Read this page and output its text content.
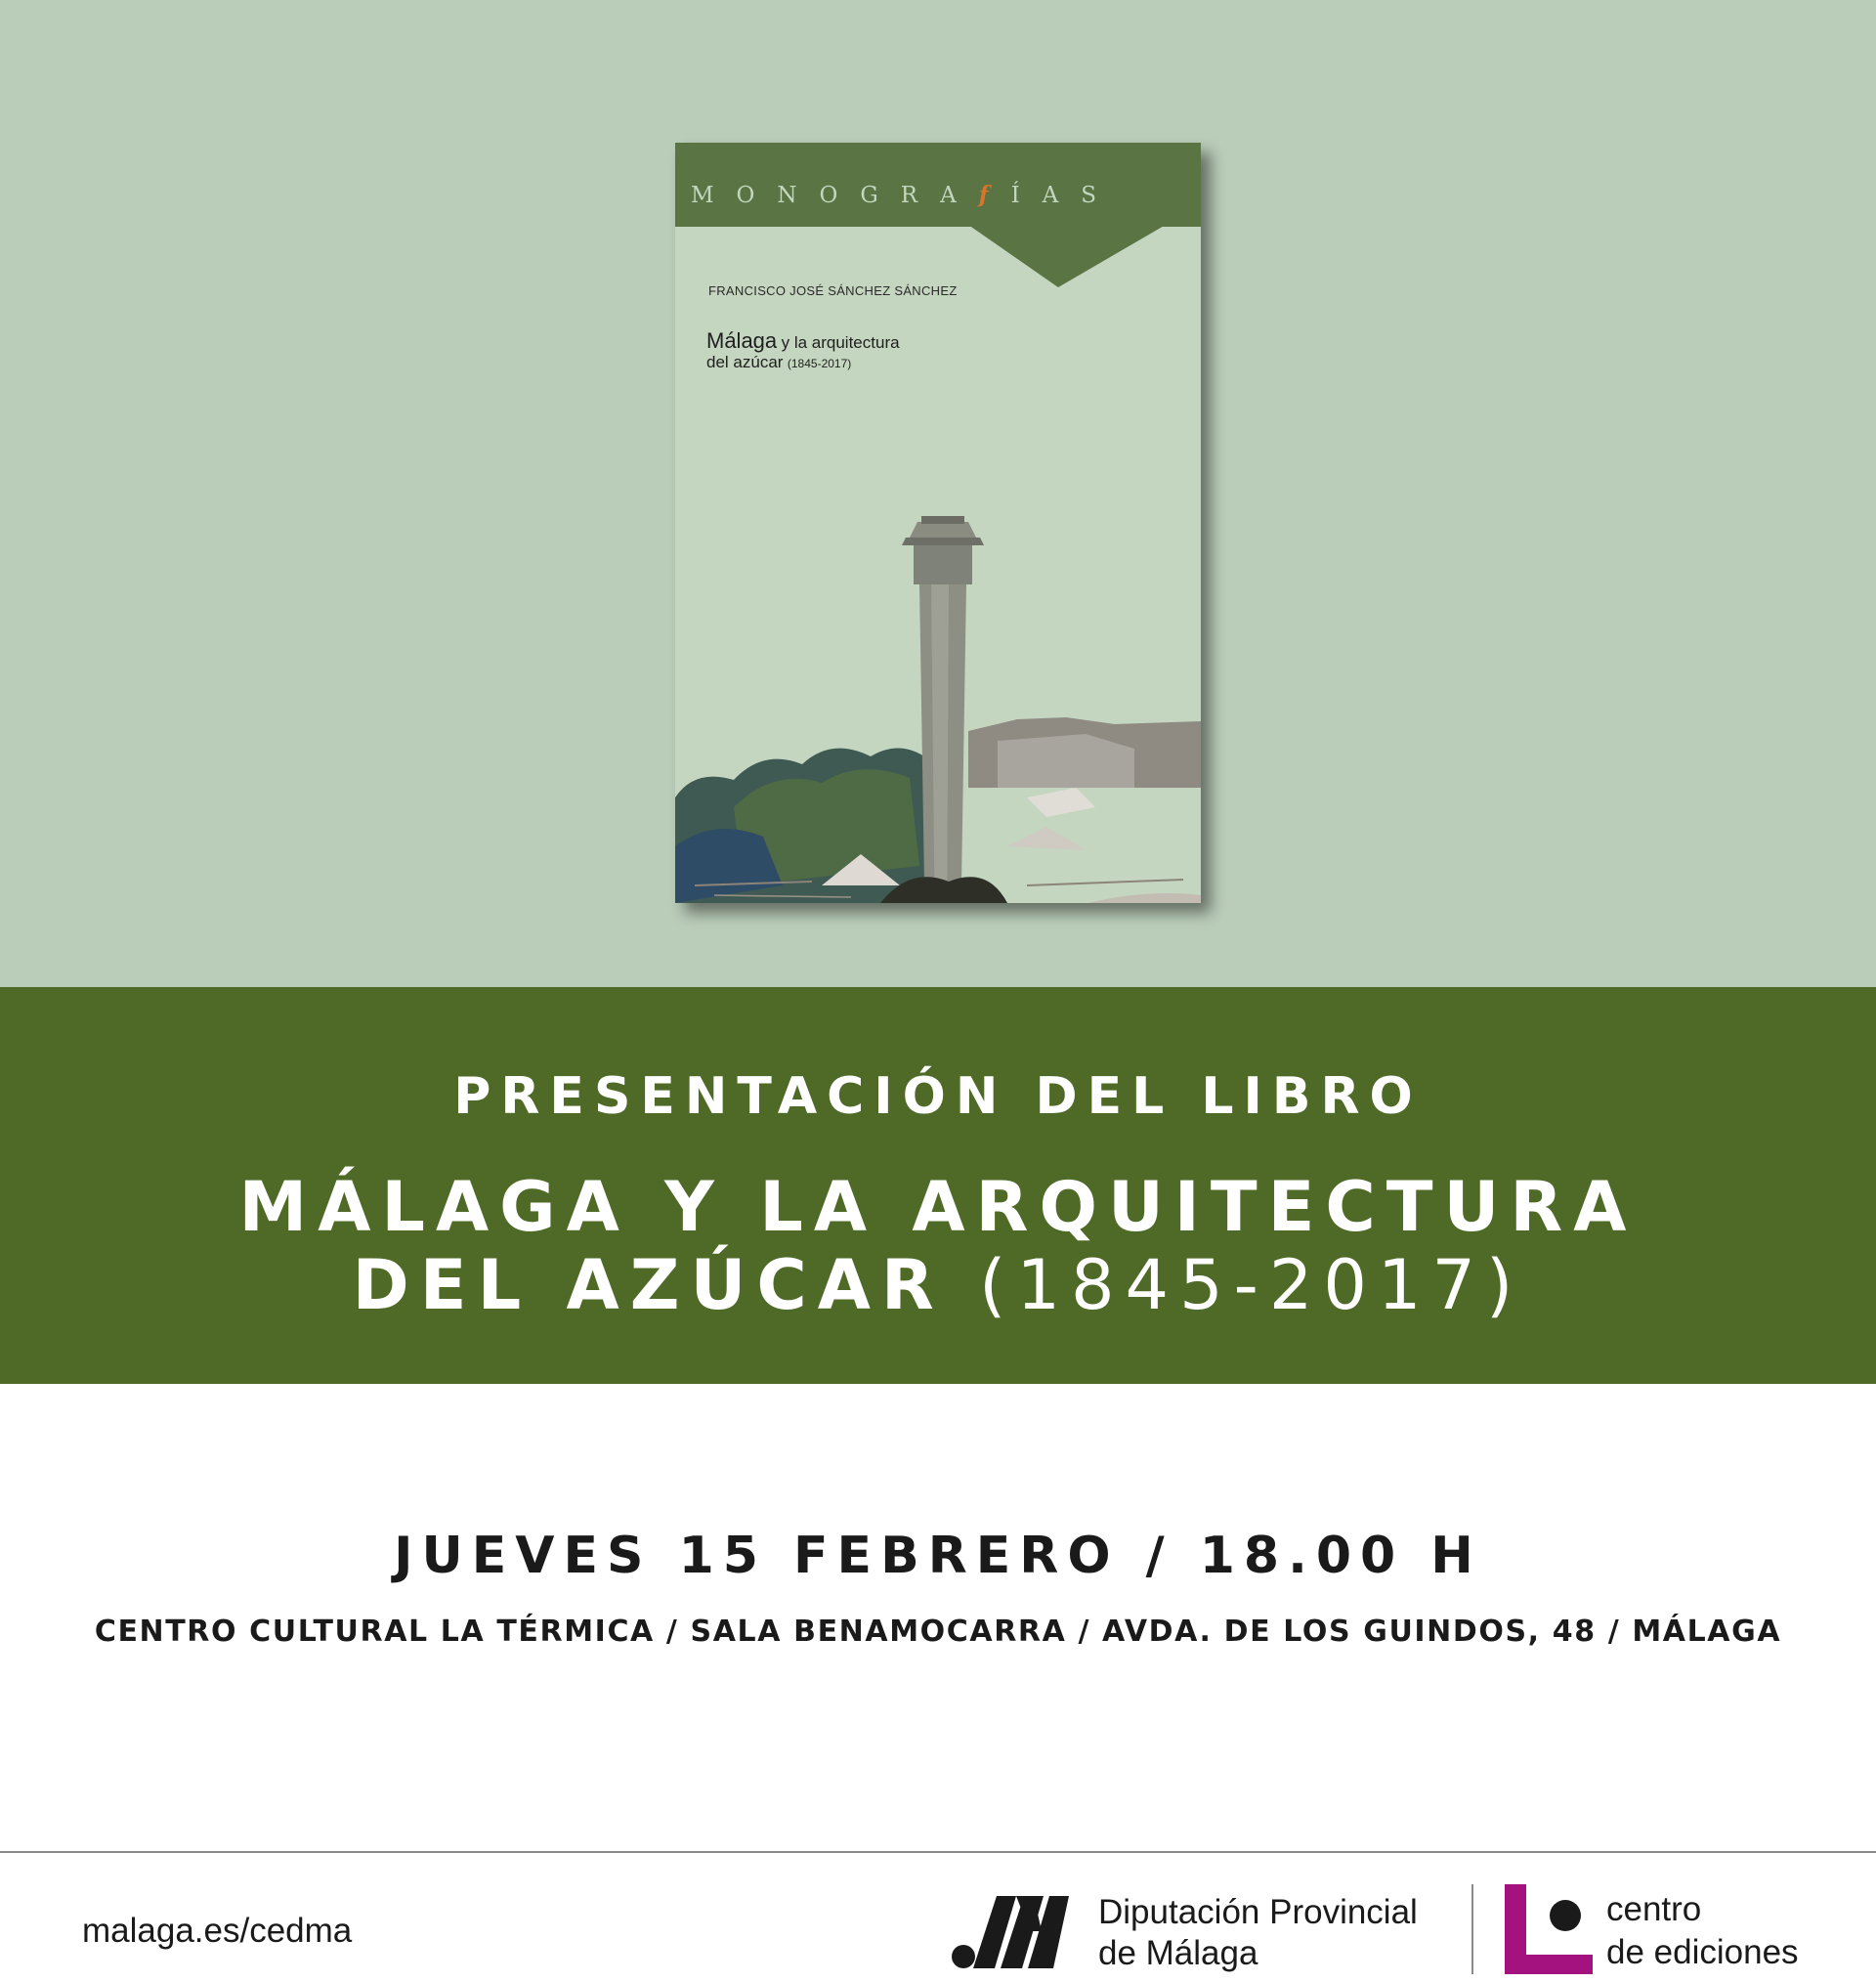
MONOGRAfÍAS
FRANCISCO JOSÉ SÁNCHEZ SÁNCHEZ
Málaga y la arquitectura
del azúcar (1845-2017)
PRESENTACIÓN DEL LIBRO
MÁLAGA Y LA ARQUITECTURA
DEL AZÚCAR (1845-2017)
JUEVES 15 FEBRERO / 18.00 H
CENTRO CULTURAL LA TÉRMICA / SALA BENAMOCARRA / AVDA. DE LOS GUINDOS, 48 / MÁLAGA
malaga.es/cedma	Diputación Provincial
de Málaga
centro
de ediciones
